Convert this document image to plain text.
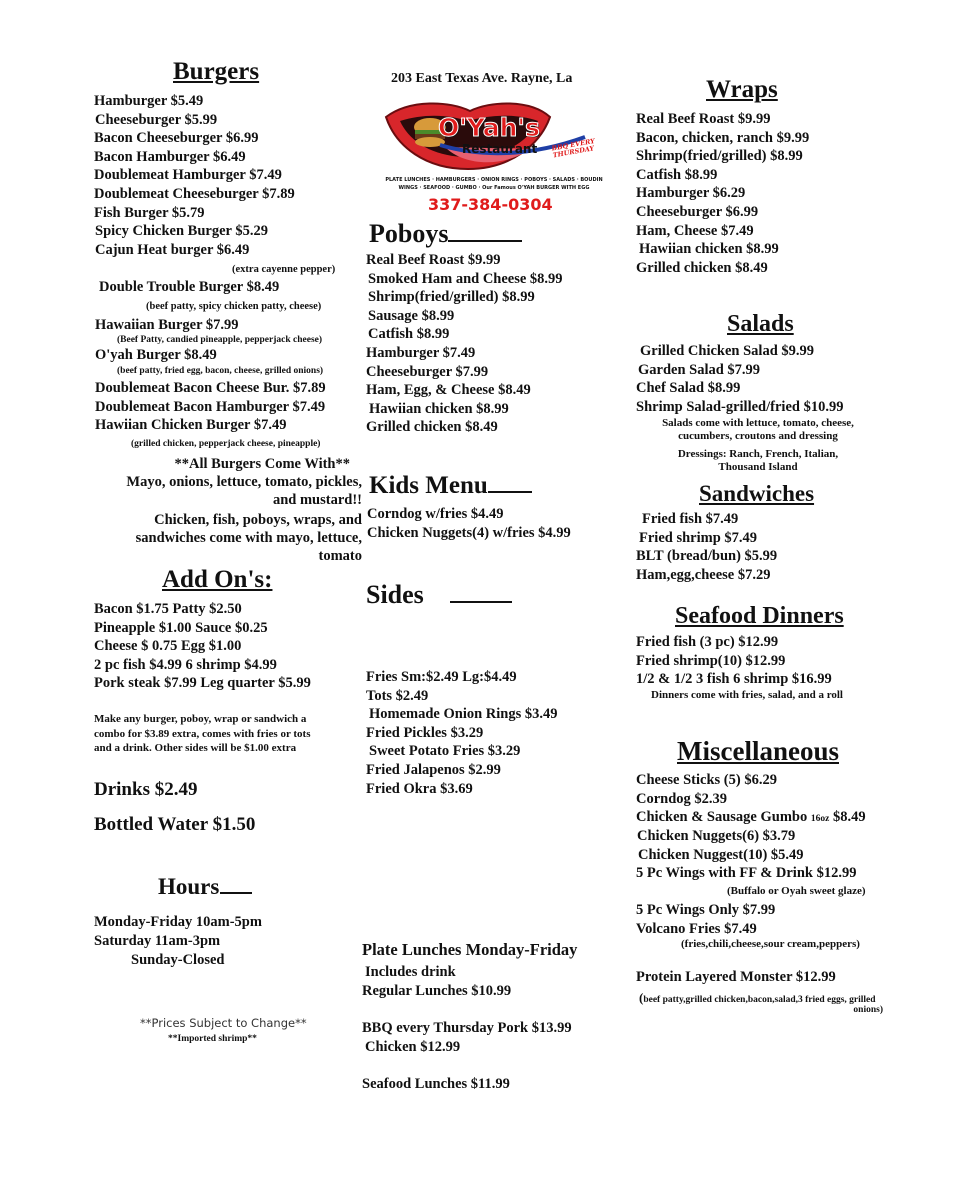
Burgers
Hamburger $5.49
Cheeseburger $5.99
Bacon Cheeseburger $6.99
Bacon Hamburger $6.49
Doublemeat Hamburger $7.49
Doublemeat Cheeseburger $7.89
Fish Burger $5.79
Spicy Chicken Burger $5.29
Cajun Heat burger $6.49
(extra cayenne pepper)
Double Trouble Burger $8.49
(beef patty, spicy chicken patty, cheese)
Hawaiian Burger $7.99
(Beef Patty, candied pineapple, pepperjack cheese)
O'yah Burger $8.49
(beef patty, fried egg, bacon, cheese, grilled onions)
Doublemeat Bacon Cheese Bur. $7.89
Doublemeat Bacon Hamburger $7.49
Hawiian Chicken Burger $7.49
(grilled chicken, pepperjack cheese, pineapple)
**All Burgers Come With**
Mayo, onions, lettuce, tomato, pickles,
and mustard!!
Chicken, fish, poboys, wraps, and
sandwiches come with mayo, lettuce,
tomato
Add On's:
Bacon $1.75 Patty $2.50
Pineapple $1.00 Sauce $0.25
Cheese $ 0.75 Egg $1.00
2 pc fish $4.99 6 shrimp $4.99
Pork steak $7.99 Leg quarter $5.99
Make any burger, poboy, wrap or sandwich a
combo for $3.89 extra, comes with fries or tots
and a drink. Other sides will be $1.00 extra
Drinks $2.49
Bottled Water $1.50
Hours
Monday-Friday 10am-5pm
Saturday 11am-3pm
Sunday-Closed
**Prices Subject to Change**
**Imported shrimp**
203 East Texas Ave. Rayne, La
O'Yah's
Restaurant BBQ EVERY THURSDAY
PLATE LUNCHES · HAMBURGERS · ONION RINGS · POBOYS · SALADS · BOUDIN
WINGS · SEAFOOD · GUMBO · Our Famous O'YAH BURGER WITH EGG
337-384-0304
Poboys
Real Beef Roast $9.99
Smoked Ham and Cheese $8.99
Shrimp(fried/grilled) $8.99
Sausage $8.99
Catfish $8.99
Hamburger $7.49
Cheeseburger $7.99
Ham, Egg, & Cheese $8.49
Hawiian chicken $8.99
Grilled chicken $8.49
Kids Menu
Corndog w/fries $4.49
Chicken Nuggets(4) w/fries $4.99
Sides
Fries Sm:$2.49 Lg:$4.49
Tots $2.49
Homemade Onion Rings $3.49
Fried Pickles $3.29
Sweet Potato Fries $3.29
Fried Jalapenos $2.99
Fried Okra $3.69
Plate Lunches Monday-Friday
Includes drink
Regular Lunches $10.99
BBQ every Thursday Pork $13.99
Chicken $12.99
Seafood Lunches $11.99
Wraps
Real Beef Roast $9.99
Bacon, chicken, ranch $9.99
Shrimp(fried/grilled) $8.99
Catfish $8.99
Hamburger $6.29
Cheeseburger $6.99
Ham, Cheese $7.49
Hawiian chicken $8.99
Grilled chicken $8.49
Salads
Grilled Chicken Salad $9.99
Garden Salad $7.99
Chef Salad $8.99
Shrimp Salad-grilled/fried $10.99
Salads come with lettuce, tomato, cheese,
cucumbers, croutons and dressing
Dressings: Ranch, French, Italian,
Thousand Island
Sandwiches
Fried fish $7.49
Fried shrimp $7.49
BLT (bread/bun) $5.99
Ham,egg,cheese $7.29
Seafood Dinners
Fried fish (3 pc) $12.99
Fried shrimp(10) $12.99
1/2 & 1/2 3 fish 6 shrimp $16.99
Dinners come with fries, salad, and a roll
Miscellaneous
Cheese Sticks (5) $6.29
Corndog $2.39
Chicken & Sausage Gumbo 16oz $8.49
Chicken Nuggets(6) $3.79
Chicken Nuggest(10) $5.49
5 Pc Wings with FF & Drink $12.99
(Buffalo or Oyah sweet glaze)
5 Pc Wings Only $7.99
Volcano Fries $7.49
(fries,chili,cheese,sour cream,peppers)
Protein Layered Monster $12.99
(beef patty,grilled chicken,bacon,salad,3 fried eggs, grilled
onions)
